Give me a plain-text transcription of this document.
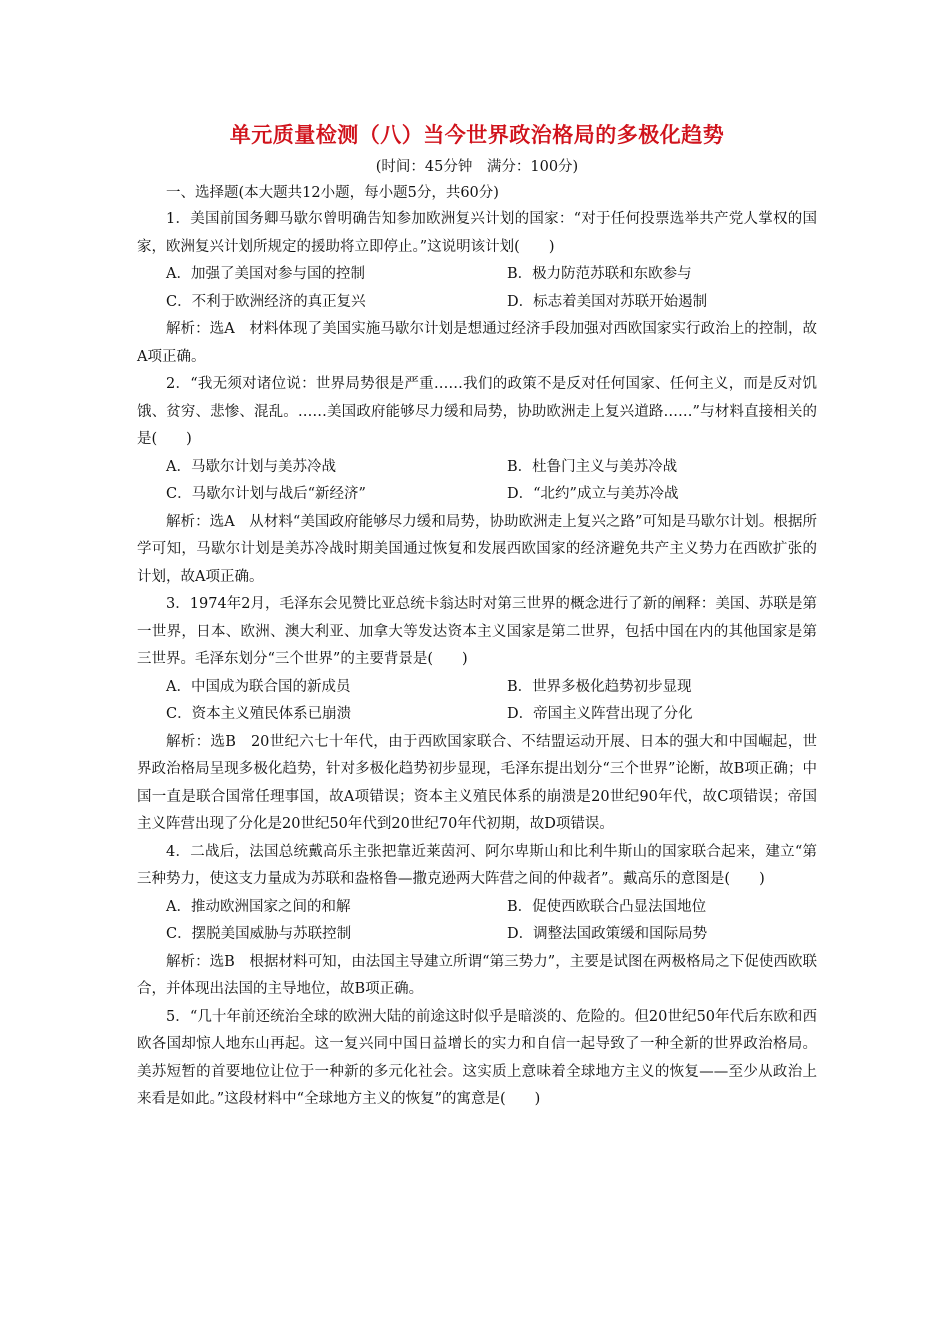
单元质量检测（八）当今世界政治格局的多极化趋势
(时间：45分钟　满分：100分)
一、选择题(本大题共12小题，每小题5分，共60分)

1．美国前国务卿马歇尔曾明确告知参加欧洲复兴计划的国家：“对于任何投票选举共产党人掌权的国家，欧洲复兴计划所规定的援助将立即停止。”这说明该计划(　　)

A．加强了美国对参与国的控制	B．极力防范苏联和东欧参与
C．不利于欧洲经济的真正复兴	D．标志着美国对苏联开始遏制

解析：选A　材料体现了美国实施马歇尔计划是想通过经济手段加强对西欧国家实行政治上的控制，故A项正确。

2．“我无须对诸位说：世界局势很是严重……我们的政策不是反对任何国家、任何主义，而是反对饥饿、贫穷、悲惨、混乱。……美国政府能够尽力缓和局势，协助欧洲走上复兴道路……”与材料直接相关的是(　　)

A．马歇尔计划与美苏冷战	B．杜鲁门主义与美苏冷战
C．马歇尔计划与战后“新经济”	D．“北约”成立与美苏冷战

解析：选A　从材料“美国政府能够尽力缓和局势，协助欧洲走上复兴之路”可知是马歇尔计划。根据所学可知，马歇尔计划是美苏冷战时期美国通过恢复和发展西欧国家的经济避免共产主义势力在西欧扩张的计划，故A项正确。

3．1974年2月，毛泽东会见赞比亚总统卡翁达时对第三世界的概念进行了新的阐释：美国、苏联是第一世界，日本、欧洲、澳大利亚、加拿大等发达资本主义国家是第二世界，包括中国在内的其他国家是第三世界。毛泽东划分“三个世界”的主要背景是(　　)

A．中国成为联合国的新成员	B．世界多极化趋势初步显现
C．资本主义殖民体系已崩溃	D．帝国主义阵营出现了分化

解析：选B　20世纪六七十年代，由于西欧国家联合、不结盟运动开展、日本的强大和中国崛起，世界政治格局呈现多极化趋势，针对多极化趋势初步显现，毛泽东提出划分“三个世界”论断，故B项正确；中国一直是联合国常任理事国，故A项错误；资本主义殖民体系的崩溃是20世纪90年代，故C项错误；帝国主义阵营出现了分化是20世纪50年代到20世纪70年代初期，故D项错误。

4．二战后，法国总统戴高乐主张把靠近莱茵河、阿尔卑斯山和比利牛斯山的国家联合起来，建立“第三种势力，使这支力量成为苏联和盎格鲁—撒克逊两大阵营之间的仲裁者”。戴高乐的意图是(　　)

A．推动欧洲国家之间的和解	B．促使西欧联合凸显法国地位
C．摆脱美国威胁与苏联控制	D．调整法国政策缓和国际局势

解析：选B　根据材料可知，由法国主导建立所谓“第三势力”，主要是试图在两极格局之下促使西欧联合，并体现出法国的主导地位，故B项正确。

5．“几十年前还统治全球的欧洲大陆的前途这时似乎是暗淡的、危险的。但20世纪50年代后东欧和西欧各国却惊人地东山再起。这一复兴同中国日益增长的实力和自信一起导致了一种全新的世界政治格局。美苏短暂的首要地位让位于一种新的多元化社会。这实质上意味着全球地方主义的恢复——至少从政治上来看是如此。”这段材料中“全球地方主义的恢复”的寓意是(　　)
